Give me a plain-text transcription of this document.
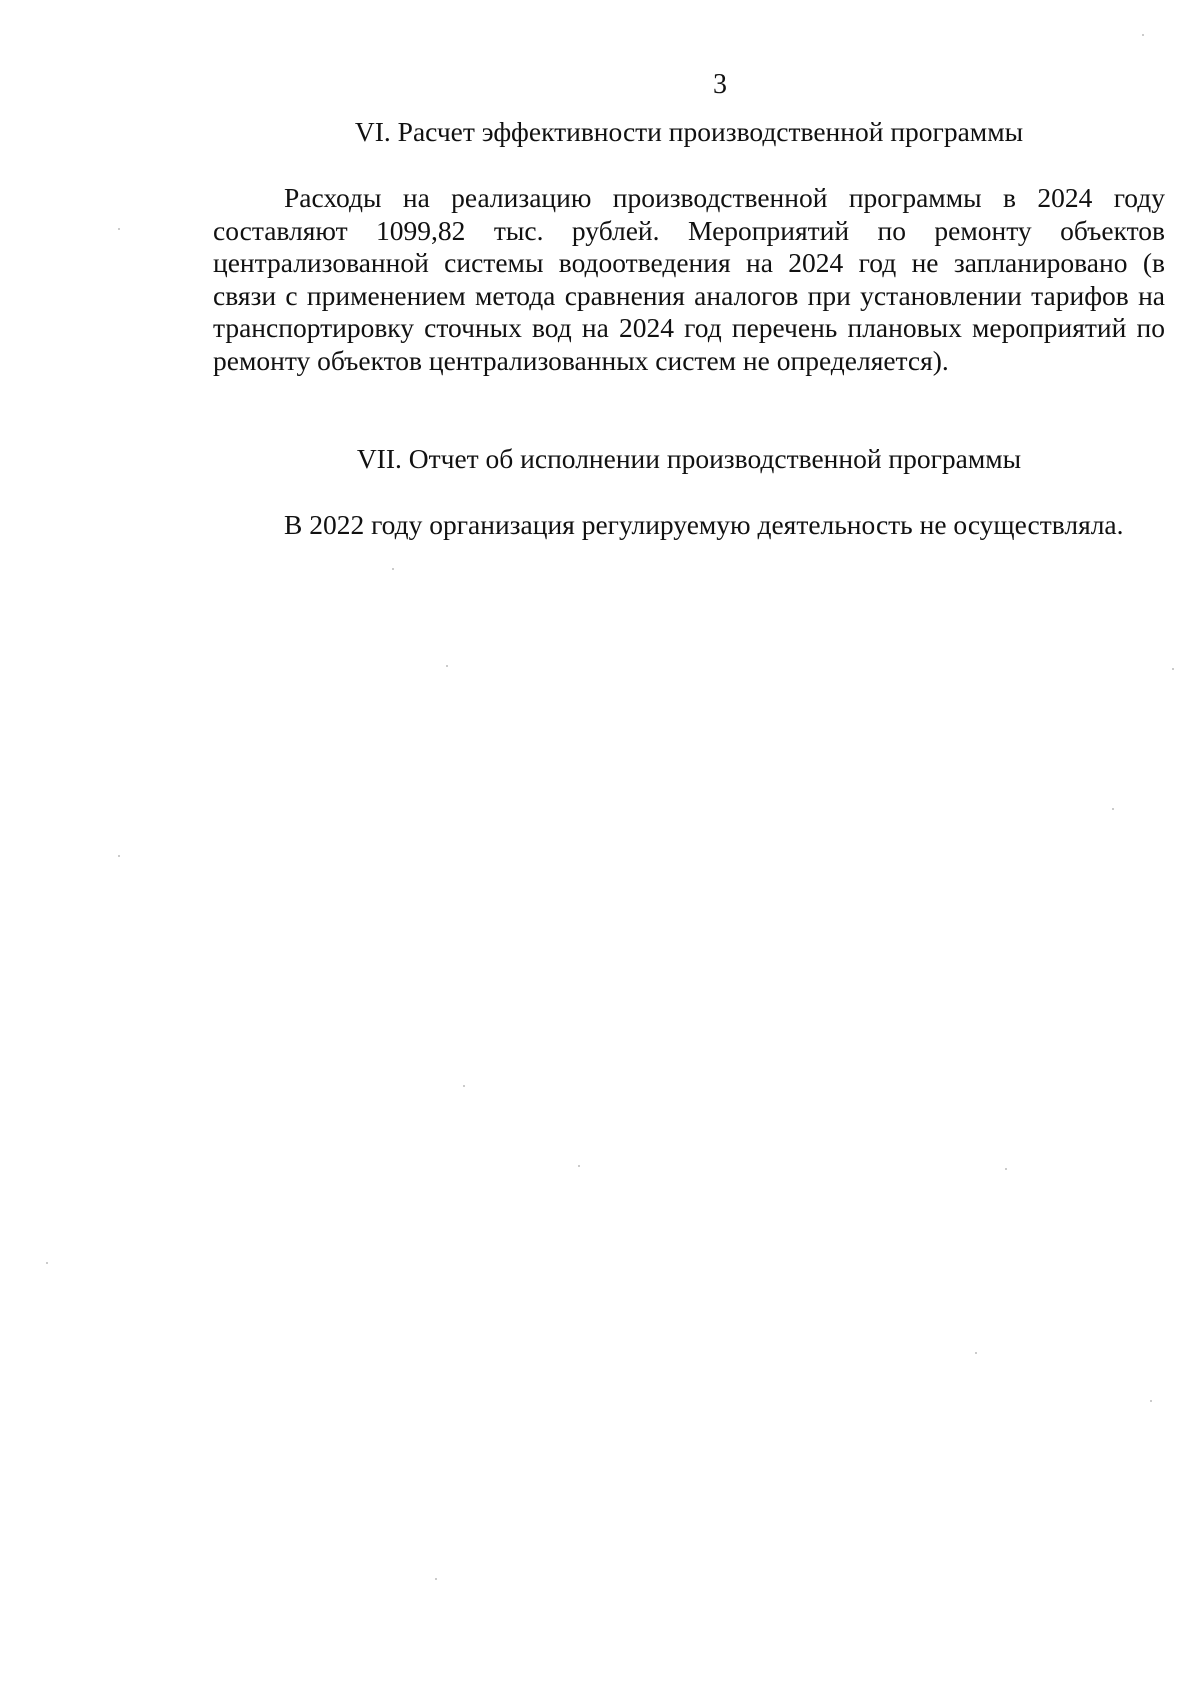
3
VI. Расчет эффективности производственной программы

Расходы на реализацию производственной программы в 2024 году составляют 1099,82 тыс. рублей. Мероприятий по ремонту объектов централизованной системы водоотведения на 2024 год не запланировано (в связи с применением метода сравнения аналогов при установлении тарифов на транспортировку сточных вод на 2024 год перечень плановых мероприятий по ремонту объектов централизованных систем не определяется).

VII. Отчет об исполнении производственной программы

В 2022 году организация регулируемую деятельность не осуществляла.
